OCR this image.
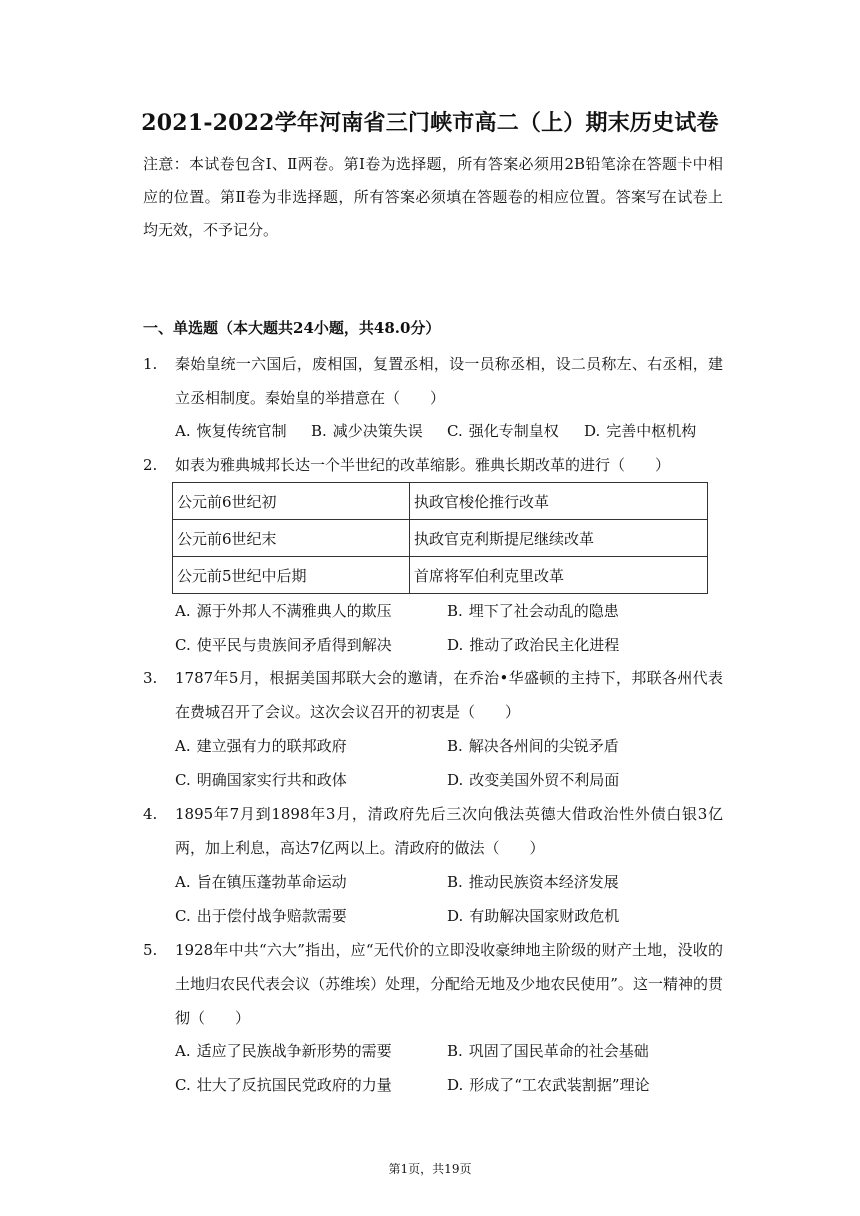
2021-2022学年河南省三门峡市高二（上）期末历史试卷
注意：本试卷包含Ⅰ、Ⅱ两卷。第Ⅰ卷为选择题，所有答案必须用2B铅笔涂在答题卡中相应的位置。第Ⅱ卷为非选择题，所有答案必须填在答题卷的相应位置。答案写在试卷上均无效，不予记分。
一、单选题（本大题共24小题，共48.0分）
1. 秦始皇统一六国后，废相国，复置丞相，设一员称丞相，设二员称左、右丞相，建立丞相制度。秦始皇的举措意在（　　）
A. 恢复传统官制 B. 减少决策失误 C. 强化专制皇权 D. 完善中枢机构
2. 如表为雅典城邦长达一个半世纪的改革缩影。雅典长期改革的进行（　　）
公元前6世纪初	执政官梭伦推行改革
公元前6世纪末	执政官克利斯提尼继续改革
公元前5世纪中后期	首席将军伯利克里改革
A. 源于外邦人不满雅典人的欺压	B. 埋下了社会动乱的隐患
C. 使平民与贵族间矛盾得到解决	D. 推动了政治民主化进程
3. 1787年5月，根据美国邦联大会的邀请，在乔治•华盛顿的主持下，邦联各州代表在费城召开了会议。这次会议召开的初衷是（　　）
A. 建立强有力的联邦政府	B. 解决各州间的尖锐矛盾
C. 明确国家实行共和政体	D. 改变美国外贸不利局面
4. 1895年7月到1898年3月，清政府先后三次向俄法英德大借政治性外债白银3亿两，加上利息，高达7亿两以上。清政府的做法（　　）
A. 旨在镇压蓬勃革命运动	B. 推动民族资本经济发展
C. 出于偿付战争赔款需要	D. 有助解决国家财政危机
5. 1928年中共“六大”指出，应“无代价的立即没收豪绅地主阶级的财产土地，没收的土地归农民代表会议（苏维埃）处理，分配给无地及少地农民使用”。这一精神的贯彻（　　）
A. 适应了民族战争新形势的需要	B. 巩固了国民革命的社会基础
C. 壮大了反抗国民党政府的力量	D. 形成了“工农武装割据”理论
第1页，共19页
